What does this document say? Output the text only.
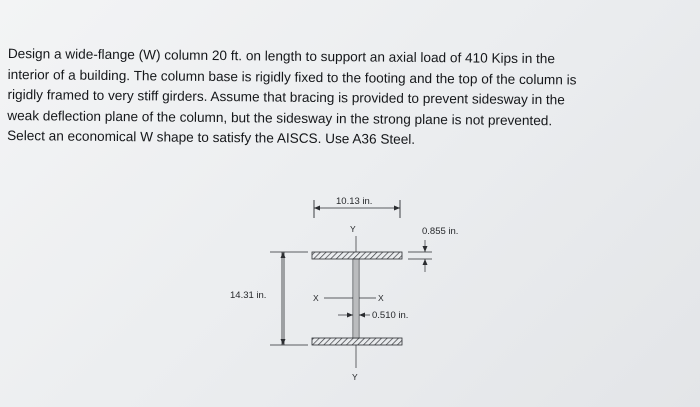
Design a wide-flange (W) column 20 ft. on length to support an axial load of 410 Kips in the
interior of a building. The column base is rigidly fixed to the footing and the top of the column is
rigidly framed to very stiff girders. Assume that bracing is provided to prevent sidesway in the
weak deflection plane of the column, but the sidesway in the strong plane is not prevented.
Select an economical W shape to satisfy the AISCS. Use A36 Steel.
10.13 in.
Y
Y
X	X
0.855 in.
14.31 in.
0.510 in.
